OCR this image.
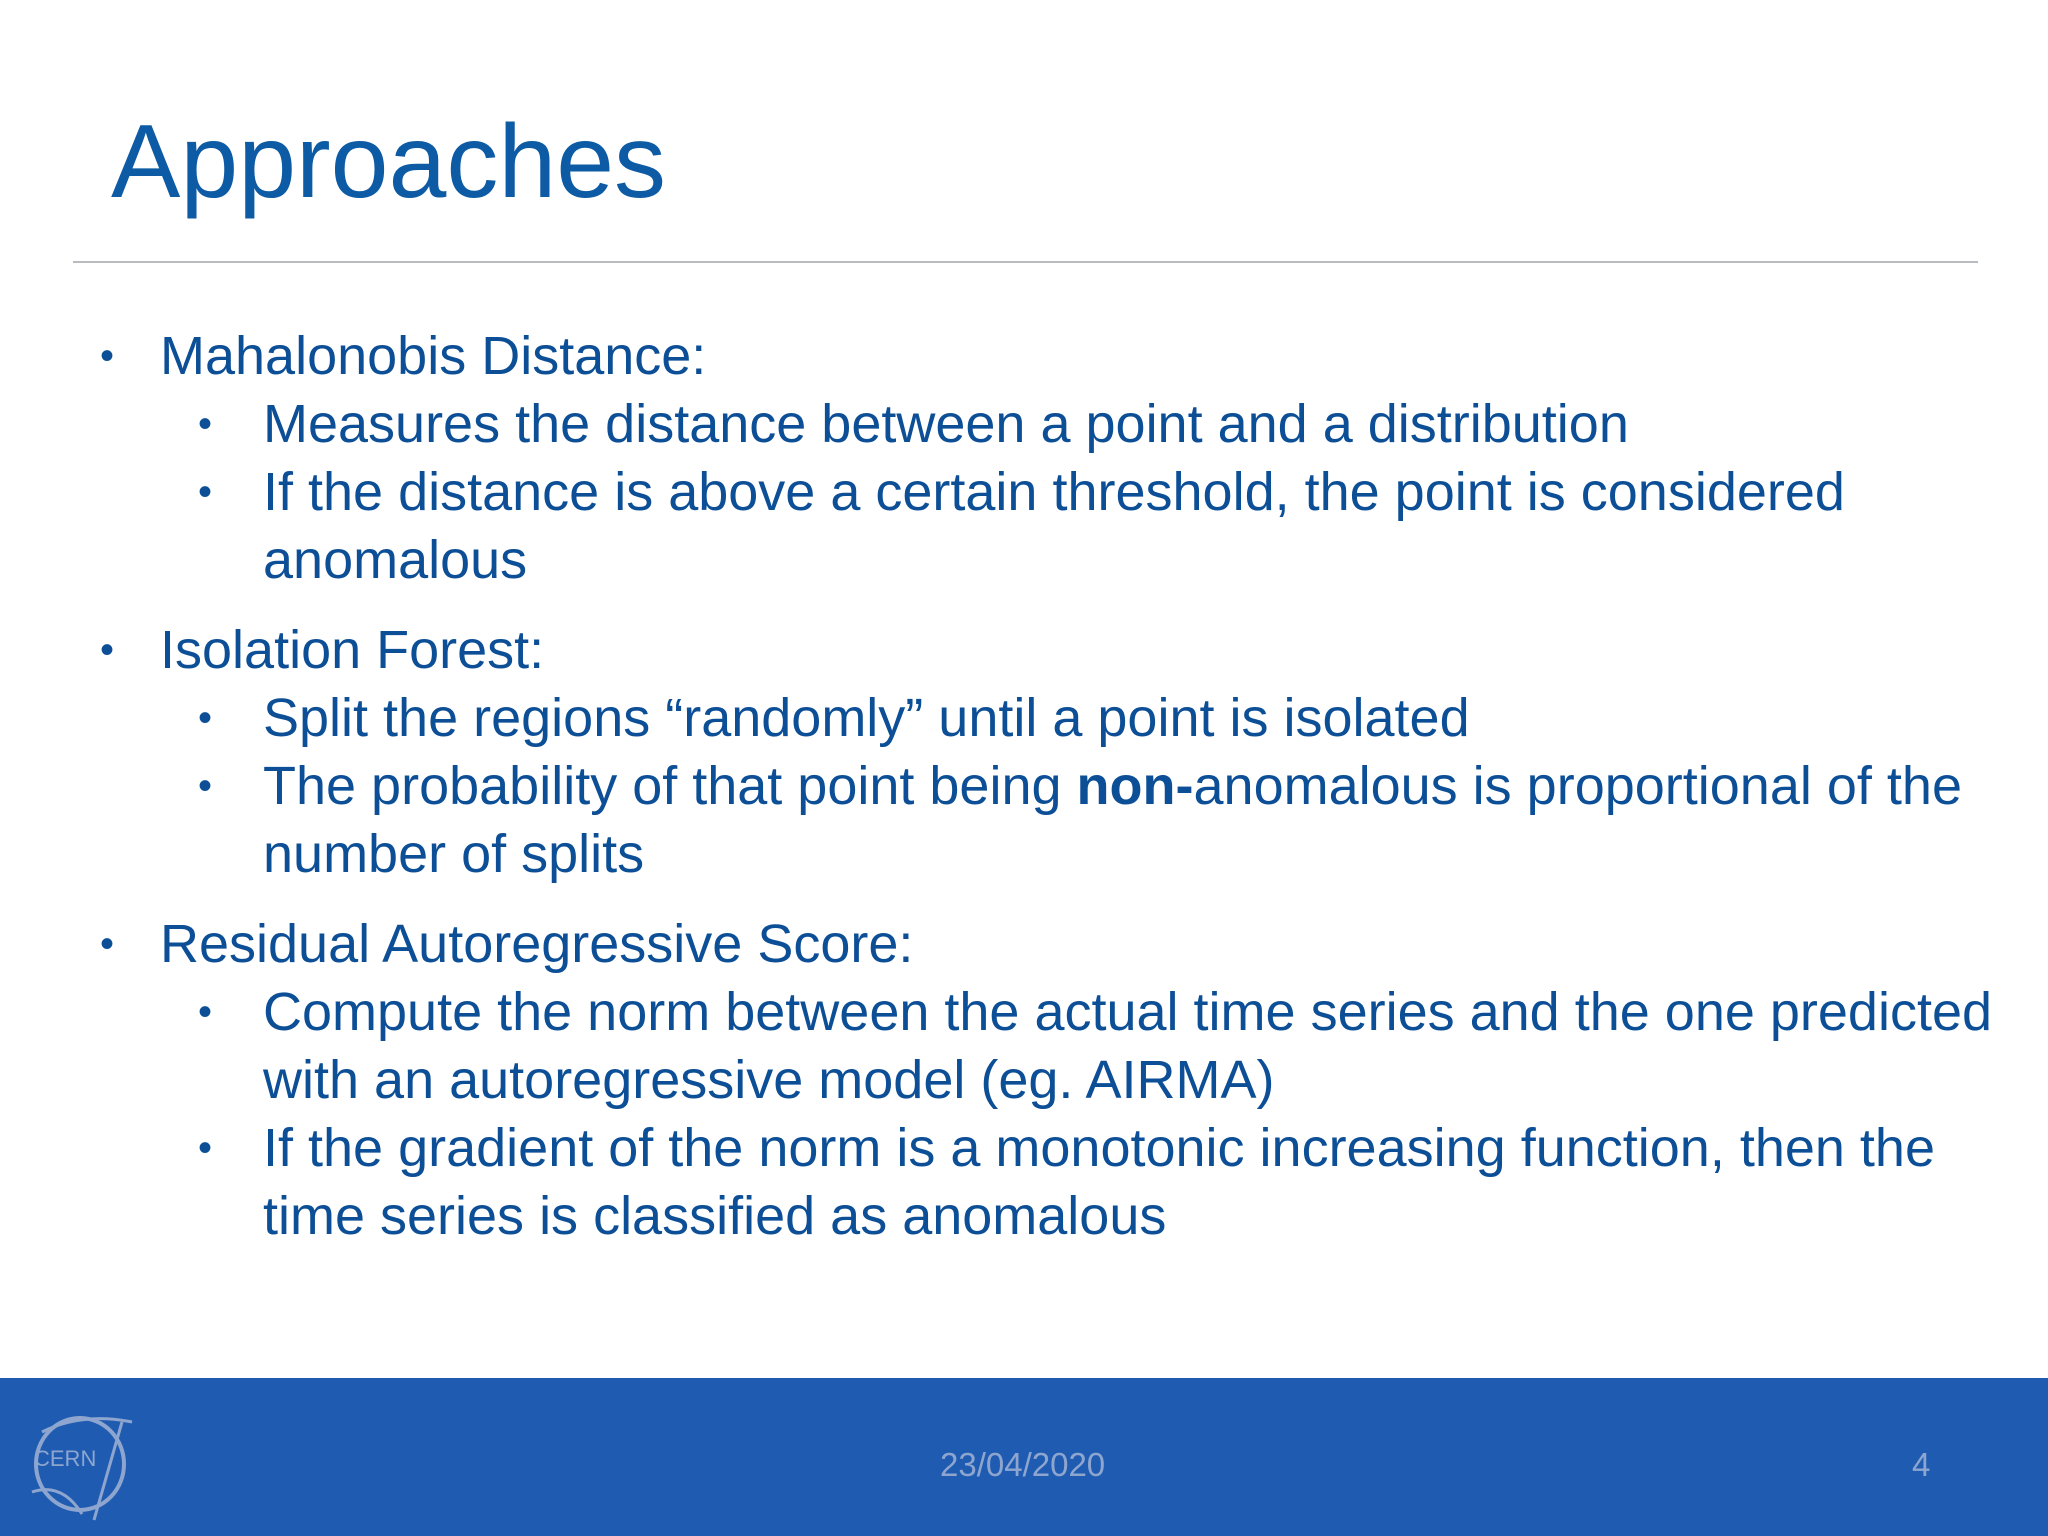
Approaches
• Mahalonobis Distance:
• Measures the distance between a point and a distribution
• If the distance is above a certain threshold, the point is considered anomalous
• Isolation Forest:
• Split the regions “randomly” until a point is isolated
• The probability of that point being non-anomalous is proportional of the number of splits
• Residual Autoregressive Score:
• Compute the norm between the actual time series and the one predicted with an autoregressive model (eg. AIRMA)
• If the gradient of the norm is a monotonic increasing function, then the time series is classified as anomalous
CERN	23/04/2020	4
